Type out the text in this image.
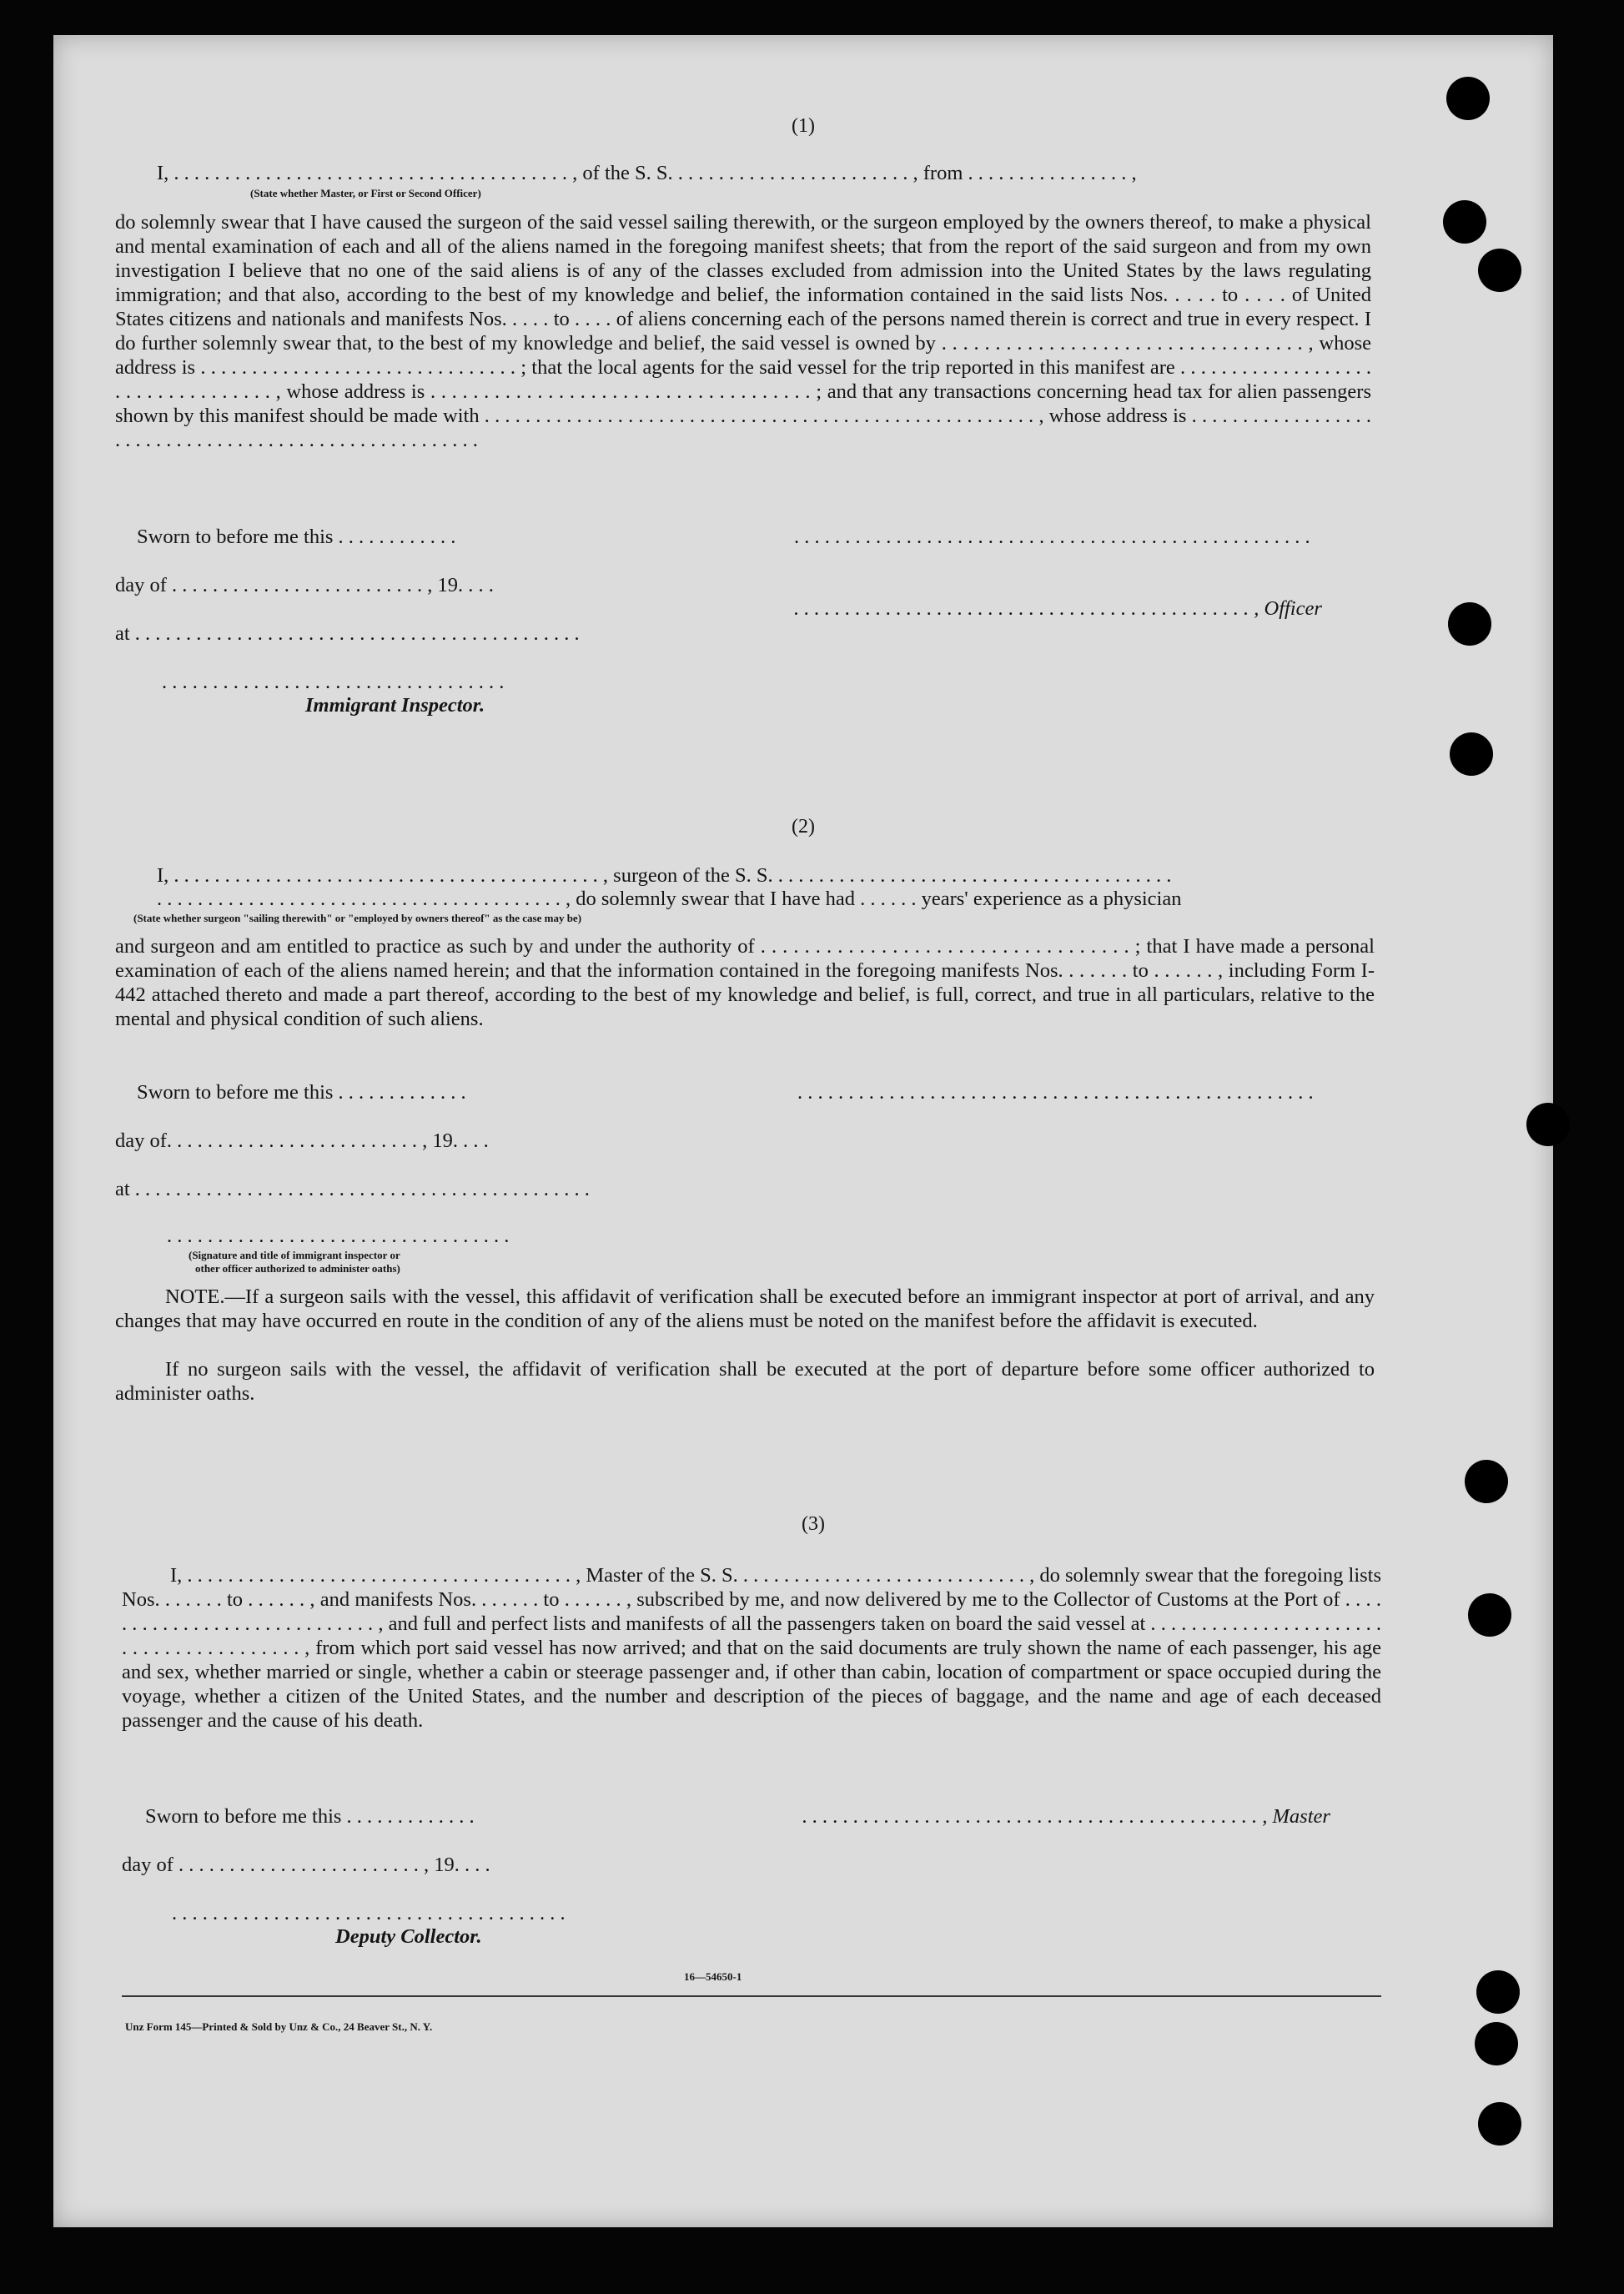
(1)
I, . . . . . . . . . . . . . . . . . . . . . . . . . . . . . . . . . . . . . . . , of the S. S. . . . . . . . . . . . . . . . . . . . . . . . , from . . . . . . . . . . . . . . . . ,
(State whether Master, or First or Second Officer)

do solemnly swear that I have caused the surgeon of the said vessel sailing therewith, or the surgeon employed by the owners thereof, to make a physical and mental examination of each and all of the aliens named in the foregoing manifest sheets; that from the report of the said surgeon and from my own investigation I believe that no one of the said aliens is of any of the classes excluded from admission into the United States by the laws regulating immigration; and that also, according to the best of my knowledge and belief, the information contained in the said lists Nos. . . . . to . . . . of United States citizens and nationals and manifests Nos. . . . . to . . . . of aliens concerning each of the persons named therein is correct and true in every respect. I do further solemnly swear that, to the best of my knowledge and belief, the said vessel is owned by . . . . . . . . . . . . . . . . . . . . . . . . . . . . . . . . . . , whose address is . . . . . . . . . . . . . . . . . . . . . . . . . . . . . . . ; that the local agents for the said vessel for the trip reported in this manifest are . . . . . . . . . . . . . . . . . . . . . . . . . . . . . . . . . . , whose address is . . . . . . . . . . . . . . . . . . . . . . . . . . . . . . . . . . . . ; and that any transactions concerning head tax for alien passengers shown by this manifest should be made with . . . . . . . . . . . . . . . . . . . . . . . . . . . . . . . . . . . . . . . . . . . . . . . . . . . . . . , whose address is . . . . . . . . . . . . . . . . . . . . . . . . . . . . . . . . . . . . . . . . . . . . . . . . . . . . . .

Sworn to before me this . . . . . . . . . . . .	. . . . . . . . . . . . . . . . . . . . . . . . . . . . . . . . . . . . . . . . . . . . . . . . . . .
day of . . . . . . . . . . . . . . . . . . . . . . . . . , 19. . . .
. . . . . . . . . . . . . . . . . . . . . . . . . . . . . . . . . . . . . . . . . . . . . , Officer
at . . . . . . . . . . . . . . . . . . . . . . . . . . . . . . . . . . . . . . . . . . . .
. . . . . . . . . . . . . . . . . . . . . . . . . . . . . . . . . .
Immigrant Inspector.
(2)
I, . . . . . . . . . . . . . . . . . . . . . . . . . . . . . . . . . . . . . . . . . . , surgeon of the S. S. . . . . . . . . . . . . . . . . . . . . . . . . . . . . . . . . . . . . . . .
. . . . . . . . . . . . . . . . . . . . . . . . . . . . . . . . . . . . . . . . , do solemnly swear that I have had . . . . . . years' experience as a physician
(State whether surgeon "sailing therewith" or "employed by owners thereof" as the case may be)

and surgeon and am entitled to practice as such by and under the authority of . . . . . . . . . . . . . . . . . . . . . . . . . . . . . . . . . . ; that I have made a personal examination of each of the aliens named herein; and that the information contained in the foregoing manifests Nos. . . . . . . to . . . . . . , including Form I-442 attached thereto and made a part thereof, according to the best of my knowledge and belief, is full, correct, and true in all particulars, relative to the mental and physical condition of such aliens.

Sworn to before me this . . . . . . . . . . . . .	. . . . . . . . . . . . . . . . . . . . . . . . . . . . . . . . . . . . . . . . . . . . . . . . . . .
day of. . . . . . . . . . . . . . . . . . . . . . . . . , 19. . . .
at . . . . . . . . . . . . . . . . . . . . . . . . . . . . . . . . . . . . . . . . . . . . .
. . . . . . . . . . . . . . . . . . . . . . . . . . . . . . . . . .
(Signature and title of immigrant inspector or
other officer authorized to administer oaths)

NOTE.—If a surgeon sails with the vessel, this affidavit of verification shall be executed before an immigrant inspector at port of arrival, and any changes that may have occurred en route in the condition of any of the aliens must be noted on the manifest before the affidavit is executed.

If no surgeon sails with the vessel, the affidavit of verification shall be executed at the port of departure before some officer authorized to administer oaths.

(3)

I, . . . . . . . . . . . . . . . . . . . . . . . . . . . . . . . . . . . . . . , Master of the S. S. . . . . . . . . . . . . . . . . . . . . . . . . . . . . , do solemnly swear that the foregoing lists Nos. . . . . . . to . . . . . . , and manifests Nos. . . . . . . to . . . . . . , subscribed by me, and now delivered by me to the Collector of Customs at the Port of . . . . . . . . . . . . . . . . . . . . . . . . . . . . . , and full and perfect lists and manifests of all the passengers taken on board the said vessel at . . . . . . . . . . . . . . . . . . . . . . . . . . . . . . . . . . . . . . . . , from which port said vessel has now arrived; and that on the said documents are truly shown the name of each passenger, his age and sex, whether married or single, whether a cabin or steerage passenger and, if other than cabin, location of compartment or space occupied during the voyage, whether a citizen of the United States, and the number and description of the pieces of baggage, and the name and age of each deceased passenger and the cause of his death.

Sworn to before me this . . . . . . . . . . . . .	. . . . . . . . . . . . . . . . . . . . . . . . . . . . . . . . . . . . . . . . . . . . . , Master
day of . . . . . . . . . . . . . . . . . . . . . . . . , 19. . . .
. . . . . . . . . . . . . . . . . . . . . . . . . . . . . . . . . . . . . . .
Deputy Collector.
16—54650-1
Unz Form 145—Printed & Sold by Unz & Co., 24 Beaver St., N. Y.
